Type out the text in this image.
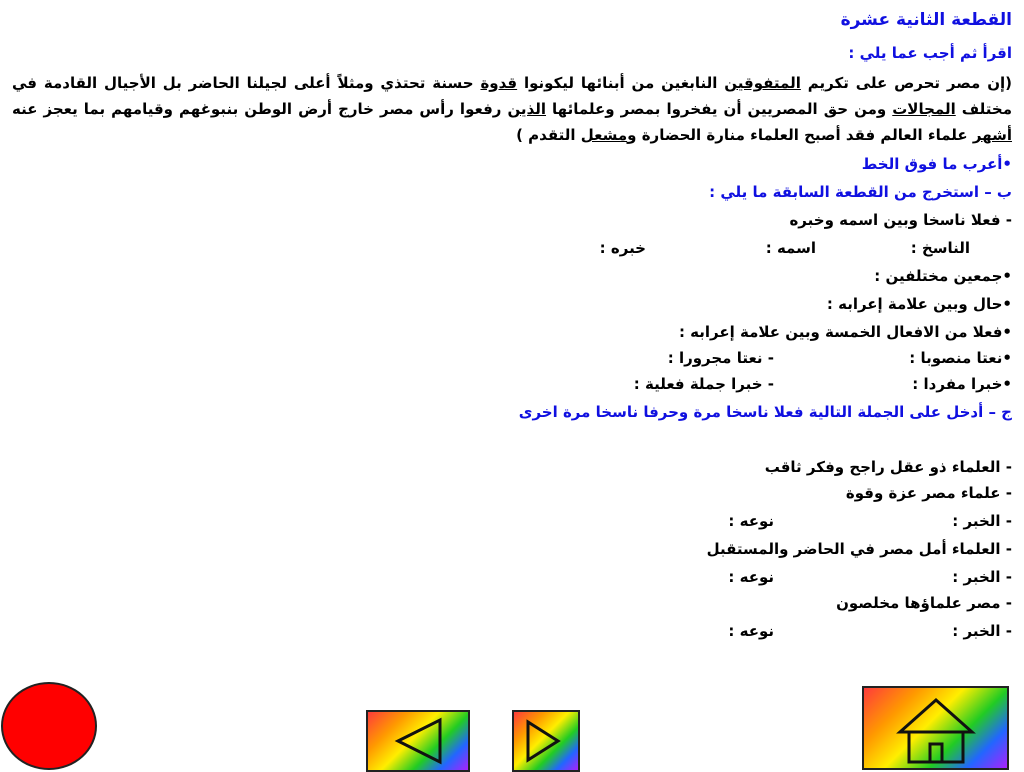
القطعة الثانية عشرة
اقرأ ثم أجب عما يلي :
(إن مصر تحرص على تكريم المتفوقين النابغين من أبنائها ليكونوا قدوة حسنة تحتذي ومثلاً أعلى لجيلنا الحاضر بل الأجيال القادمة في مختلف المجالات ومن حق المصريين أن يفخروا بمصر وعلمائها الذين رفعوا رأس مصر خارج أرض الوطن بنبوغهم وقيامهم بما يعجز عنه أشهر علماء العالم فقد أصبح العلماء منارة الحضارة ومشعل التقدم )
•أعرب ما فوق الخط
ب – استخرج من القطعة السابقة ما يلي :
- فعلا ناسخا وبين اسمه وخبره
الناسخ :
اسمه :
خبره :
•جمعين مختلفين :
•حال وبين علامة إعرابه :
•فعلا من الافعال الخمسة وبين علامة إعرابه :
•نعتا منصوبا :
- نعتا مجرورا :
•خبرا مفردا :
- خبرا جملة فعلية :
ج – أدخل على الجملة التالية فعلا ناسخا مرة وحرفا ناسخا مرة اخرى
- العلماء ذو عقل راجح وفكر ثاقب
- علماء مصر عزة وقوة
- الخبر :
نوعه :
- العلماء أمل مصر في الحاضر والمستقبل
- الخبر :
نوعه :
- مصر علماؤها مخلصون
- الخبر :
نوعه :
